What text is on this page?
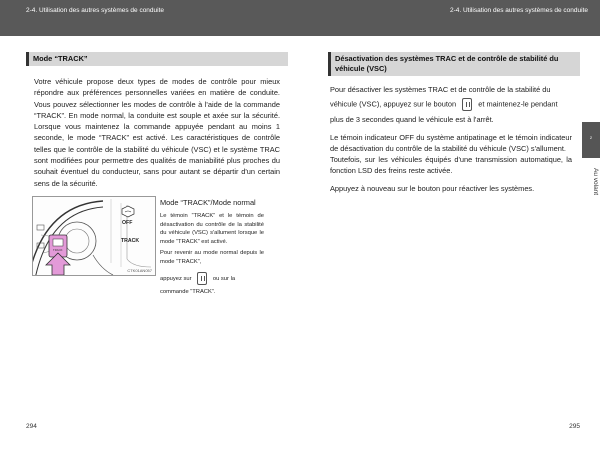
2-4. Utilisation des autres systèmes de conduite	2-4. Utilisation des autres systèmes de conduite
Mode “TRACK”

Votre véhicule propose deux types de modes de contrôle pour mieux répondre aux préférences personnelles variées en matière de conduite. Vous pouvez sélectionner les modes de contrôle à l'aide de la commande “TRACK”. En mode normal, la conduite est souple et axée sur la sécurité. Lorsque vous maintenez la commande appuyée pendant au moins 1 seconde, le mode “TRACK” est activé. Les caractéristiques de contrôle telles que le contrôle de la stabilité du véhicule (VSC) et le système TRAC sont modifiées pour permettre des qualités de maniabilité plus proches du souhait éventuel du conducteur, sans pour autant se départir d'un certain sens de la sécurité.

OFF
TRACK
TRACK
CTK01AN057
Mode “TRACK”/Mode normal

Le témoin “TRACK” et le témoin de désactivation du contrôle de la stabilité du véhicule (VSC) s'allument lorsque le mode “TRACK” est activé.

Pour revenir au mode normal depuis le mode “TRACK”,

appuyez sur	ou sur la

commande “TRACK”.

Désactivation des systèmes TRAC et de contrôle de stabilité du véhicule (VSC)

Pour désactiver les systèmes TRAC et de contrôle de la stabilité du

véhicule (VSC), appuyez sur le bouton	et maintenez-le pendant

plus de 3 secondes quand le véhicule est à l'arrêt.

Le témoin indicateur OFF du système antipatinage et le témoin indicateur de désactivation du contrôle de la stabilité du véhicule (VSC) s'allument.

Toutefois, sur les véhicules équipés d'une transmission automatique, la fonction LSD des freins reste activée.

Appuyez à nouveau sur le bouton pour réactiver les systèmes.

2
Au volant
294	295
